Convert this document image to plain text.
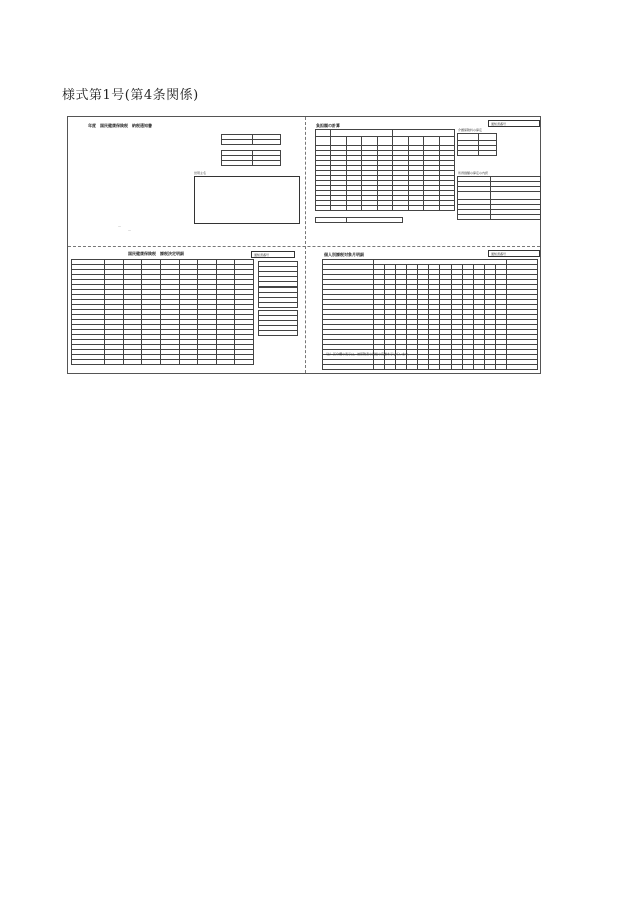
様式第1号(第4条関係)
年度　国民健康保険税　納税通知書

世帯主名
—
—
通知書番号
負担額の計算

介護保険料の算定

所得割額の算定の内訳

国民健康保険税　課税決定明細	通知書番号

									通知書番号
個人別課税対象月明細

（注）区分欄の表示は、被保険者の資格の有無を示しています。
